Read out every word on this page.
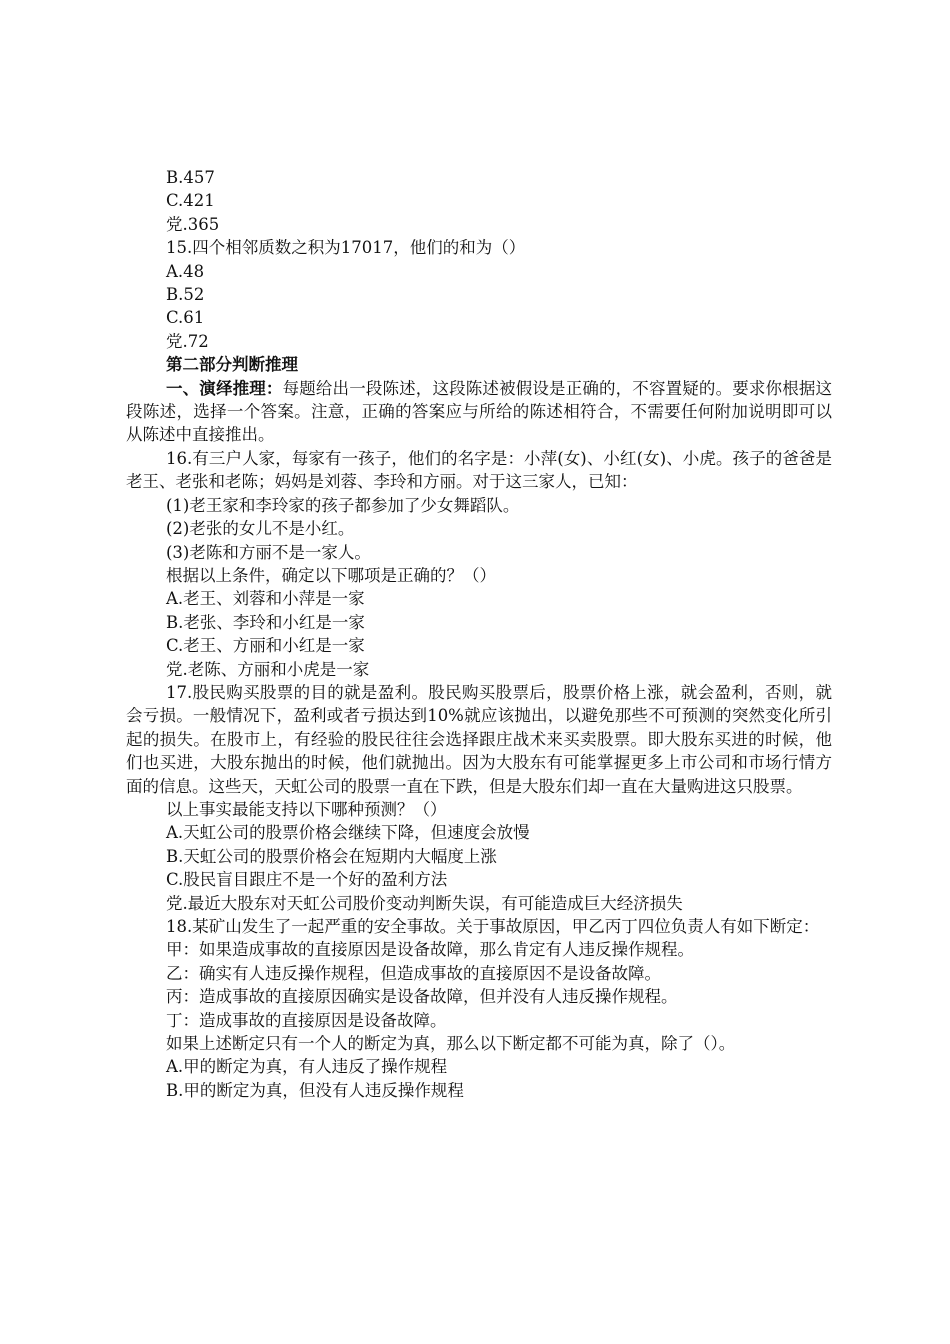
B.457

C.421

党.365

15.四个相邻质数之积为17017，他们的和为（）

A.48

B.52

C.61

党.72

第二部分判断推理

一、演绎推理：每题给出一段陈述，这段陈述被假设是正确的，不容置疑的。要求你根据这段陈述，选择一个答案。注意，正确的答案应与所给的陈述相符合，不需要任何附加说明即可以从陈述中直接推出。

16.有三户人家，每家有一孩子，他们的名字是：小萍(女)、小红(女)、小虎。孩子的爸爸是老王、老张和老陈；妈妈是刘蓉、李玲和方丽。对于这三家人，已知：

(1)老王家和李玲家的孩子都参加了少女舞蹈队。

(2)老张的女儿不是小红。

(3)老陈和方丽不是一家人。

根据以上条件，确定以下哪项是正确的？（）

A.老王、刘蓉和小萍是一家

B.老张、李玲和小红是一家

C.老王、方丽和小红是一家

党.老陈、方丽和小虎是一家

17.股民购买股票的目的就是盈利。股民购买股票后，股票价格上涨，就会盈利，否则，就会亏损。一般情况下，盈利或者亏损达到10%就应该抛出，以避免那些不可预测的突然变化所引起的损失。在股市上，有经验的股民往往会选择跟庄战术来买卖股票。即大股东买进的时候，他们也买进，大股东抛出的时候，他们就抛出。因为大股东有可能掌握更多上市公司和市场行情方面的信息。这些天，天虹公司的股票一直在下跌，但是大股东们却一直在大量购进这只股票。

以上事实最能支持以下哪种预测？（）

A.天虹公司的股票价格会继续下降，但速度会放慢

B.天虹公司的股票价格会在短期内大幅度上涨

C.股民盲目跟庄不是一个好的盈利方法

党.最近大股东对天虹公司股价变动判断失误，有可能造成巨大经济损失

18.某矿山发生了一起严重的安全事故。关于事故原因，甲乙丙丁四位负责人有如下断定：

甲：如果造成事故的直接原因是设备故障，那么肯定有人违反操作规程。

乙：确实有人违反操作规程，但造成事故的直接原因不是设备故障。

丙：造成事故的直接原因确实是设备故障，但并没有人违反操作规程。

丁：造成事故的直接原因是设备故障。

如果上述断定只有一个人的断定为真，那么以下断定都不可能为真，除了（）。

A.甲的断定为真，有人违反了操作规程

B.甲的断定为真，但没有人违反操作规程
